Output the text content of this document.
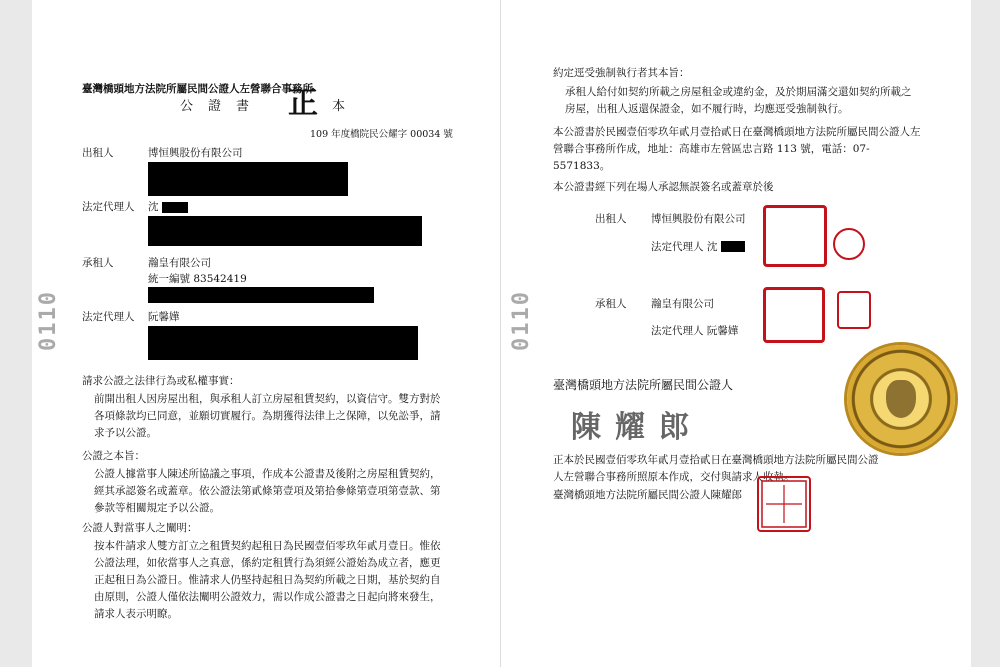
臺灣橋頭地方法院所屬民間公證人左營聯合事務所
公　證　書 正 本
109 年度橋院民公耀字 00034 號
出租人	博恒興股份有限公司
法定代理人 沈
承租人	瀚皇有限公司
統一編號 83542419
法定代理人 阮馨嬅
0110
請求公證之法律行為或私權事實：
前開出租人因房屋出租，與承租人訂立房屋租賃契約，以資信守。雙方對於各項條款均已同意，並願切實履行。為期獲得法律上之保障，以免訟爭，請求予以公證。
公證之本旨：
公證人據當事人陳述所協議之事項，作成本公證書及後附之房屋租賃契約，經其承認簽名或蓋章。依公證法第貳條第壹項及第拾參條第壹項第壹款、第參款等相關規定予以公證。
公證人對當事人之闡明：
按本件請求人雙方訂立之租賃契約起租日為民國壹佰零玖年貳月壹日。惟依公證法理，如依當事人之真意，係約定租賃行為須經公證始為成立者，應更正起租日為公證日。惟請求人仍堅持起租日為契約所載之日期，基於契約自由原則，公證人僅依法闡明公證效力，需以作成公證書之日起向將來發生，請求人表示明瞭。
約定逕受強制執行者其本旨：
承租人給付如契約所載之房屋租金或違約金，及於期屆滿交還如契約所載之房屋，出租人返還保證金，如不履行時，均應逕受強制執行。
本公證書於民國壹佰零玖年貳月壹拾貳日在臺灣橋頭地方法院所屬民間公證人左營聯合事務所作成，地址：高雄市左營區忠言路 113 號，電話：07-5571833。
本公證書經下列在場人承認無誤簽名或蓋章於後
出租人 博恒興股份有限公司
法定代理人 沈
承租人 瀚皇有限公司
法定代理人 阮馨嬅
0110
臺灣橋頭地方法院所屬民間公證人
陳耀郎
正本於民國壹佰零玖年貳月壹拾貳日在臺灣橋頭地方法院所屬民間公證人左營聯合事務所照原本作成，交付與請求人收執。
臺灣橋頭地方法院所屬民間公證人陳耀郎
